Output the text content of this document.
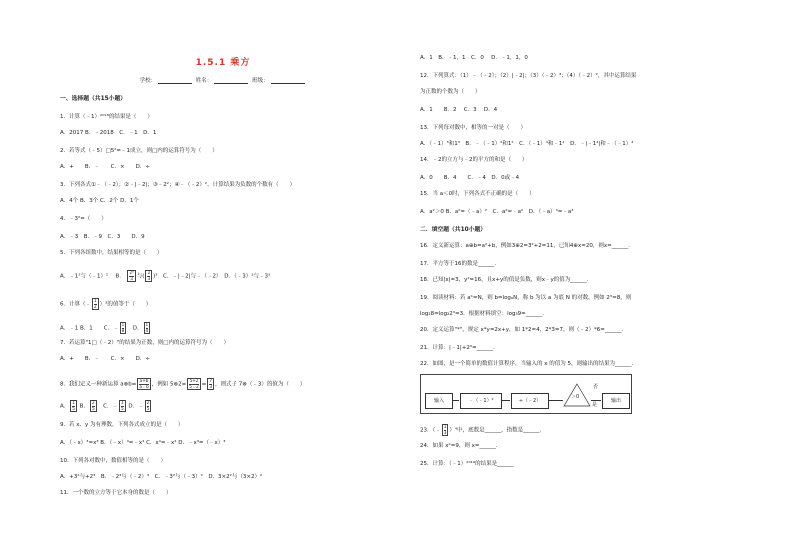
1.5.1 乘方
学校：	姓名：	班级：
一、选择题（共15小题）
1．计算（﹣1）²⁰¹⁸的结果是（　　）
A．2017 B．﹣2018　C．﹣1　D．1
2．若等式（﹣5）□5²=﹣1成立，则□内的运算符号为（　　）
A．+　　B．﹣　　C．×　　D．÷
3．下列各式①﹣（﹣2）；②﹣|﹣2|；③﹣2²；④﹣（﹣2）²，计算结果为负数的个数有（　　）
A．4个 B．3个 C．2个 D．1个
4．﹣3²=（　　）
A．﹣3　B．﹣9　C．3　　D．9
5．下列各组数中，结果相等的是（　　）
A．﹣1²与（﹣1）²　 B． $\frac{\text{2³}}{3}$ 与( $\frac{2}{3} )^3$　C．﹣|﹣2|与﹣（﹣2）　D．（﹣3）³与﹣3³
6．计算（﹣ $\frac{1}{2} )^3$的值等于（　　）
A．﹣1 B．1　　C．﹣ $\frac{1}{8}$ 　D． $\frac{1}{4}$
7．若运算"1□（﹣2）"的结果为正数，则□内的运算符号为（　　）
A．+　　B．﹣　　C．×　　D．÷
8．我们定义一种新运算 a⊗b= $\frac{a+b}{a﹣b}$ ，例如 5⊗2= $\frac{5+2}{5﹣2} = \frac{7}{3}$ ，则式子 7⊗（﹣3）的值为（　　）
A． $\frac{1}{5}$ B． $\frac{2}{5}$ 　C．﹣ $\frac{1}{5}$ D．﹣ $\frac{2}{5}$
9．若 x、y 为有理数，下列各式成立的是（　　）
A．（﹣x）³=x³ B．（﹣x）⁴=﹣x⁴ C．x⁴=﹣x⁴ D．﹣x³=（﹣x）³
10．下列各对数中，数值相等的是（　　）
A．+3²与+2³　B．﹣2³与（﹣2）³　C．﹣3²与（﹣3）²　D．3×2²与（3×2）²
11．一个数的立方等于它本身的数是（　　）
A．1　B．﹣1，1　C．0　 D．﹣1，1，0
12．下列算式：（1）﹣（﹣2）；（2）|﹣2|；（3）（﹣2）³；（4）（﹣2）²，其中运算结果
为正数的个数为（　　）
A．1　　B．2　 C．3　 D．4
13．下列每对数中，相等的一对是（　　）
A．（﹣1）³和1³　B．﹣（﹣1）²和1²　C．（﹣1）⁴和﹣1⁴　D．﹣|﹣1³|和﹣（﹣1）³
14．﹣2的立方与﹣2的平方的和是（　　）
A．0　　B．4　　C．﹣4　D．0或﹣4
15．当 a＜0时，下列各式不正确的是（　　）
A．a²＞0 B．a²=（﹣a）²　C．a²=﹣a²　D．（﹣a）³=﹣a³
二．填空题（共10小题）
16．定义新运算：a⊕b=a²+b，例如3⊕2=3²+2=11，已知4⊕x=20，则x=______.
17．平方等于16的数是______.
18．已知|x|=3，y²=16，且x+y的值是负数，则x﹣y的值为______.
19．阅读材料：若 aᵇ=N，则 b=logₐN，称 b 为以 a 为底 N 的对数，例如 2³=8，则
log₂8=log₂2³=3．根据材料填空：log₃9=______.
20．定义运算"*"，规定 x*y=2x+y，如 1*2=4，2*3=7，则（﹣2）*6=______.
21．计算：|﹣1|+2³=______.
22．如图，是一个简单的数值计算程序，当输入的 x 的值为 5，则输出的结果为______.
输入	﹣（﹣1）²	÷（﹣2）
＞0
是
否
输出
23．（﹣ $\frac{1}{3} )^4$中，底数是______，指数是______.
24．如果 x²=9，则 x=______.
25．计算：（﹣1）²⁰¹⁹的结果是______
